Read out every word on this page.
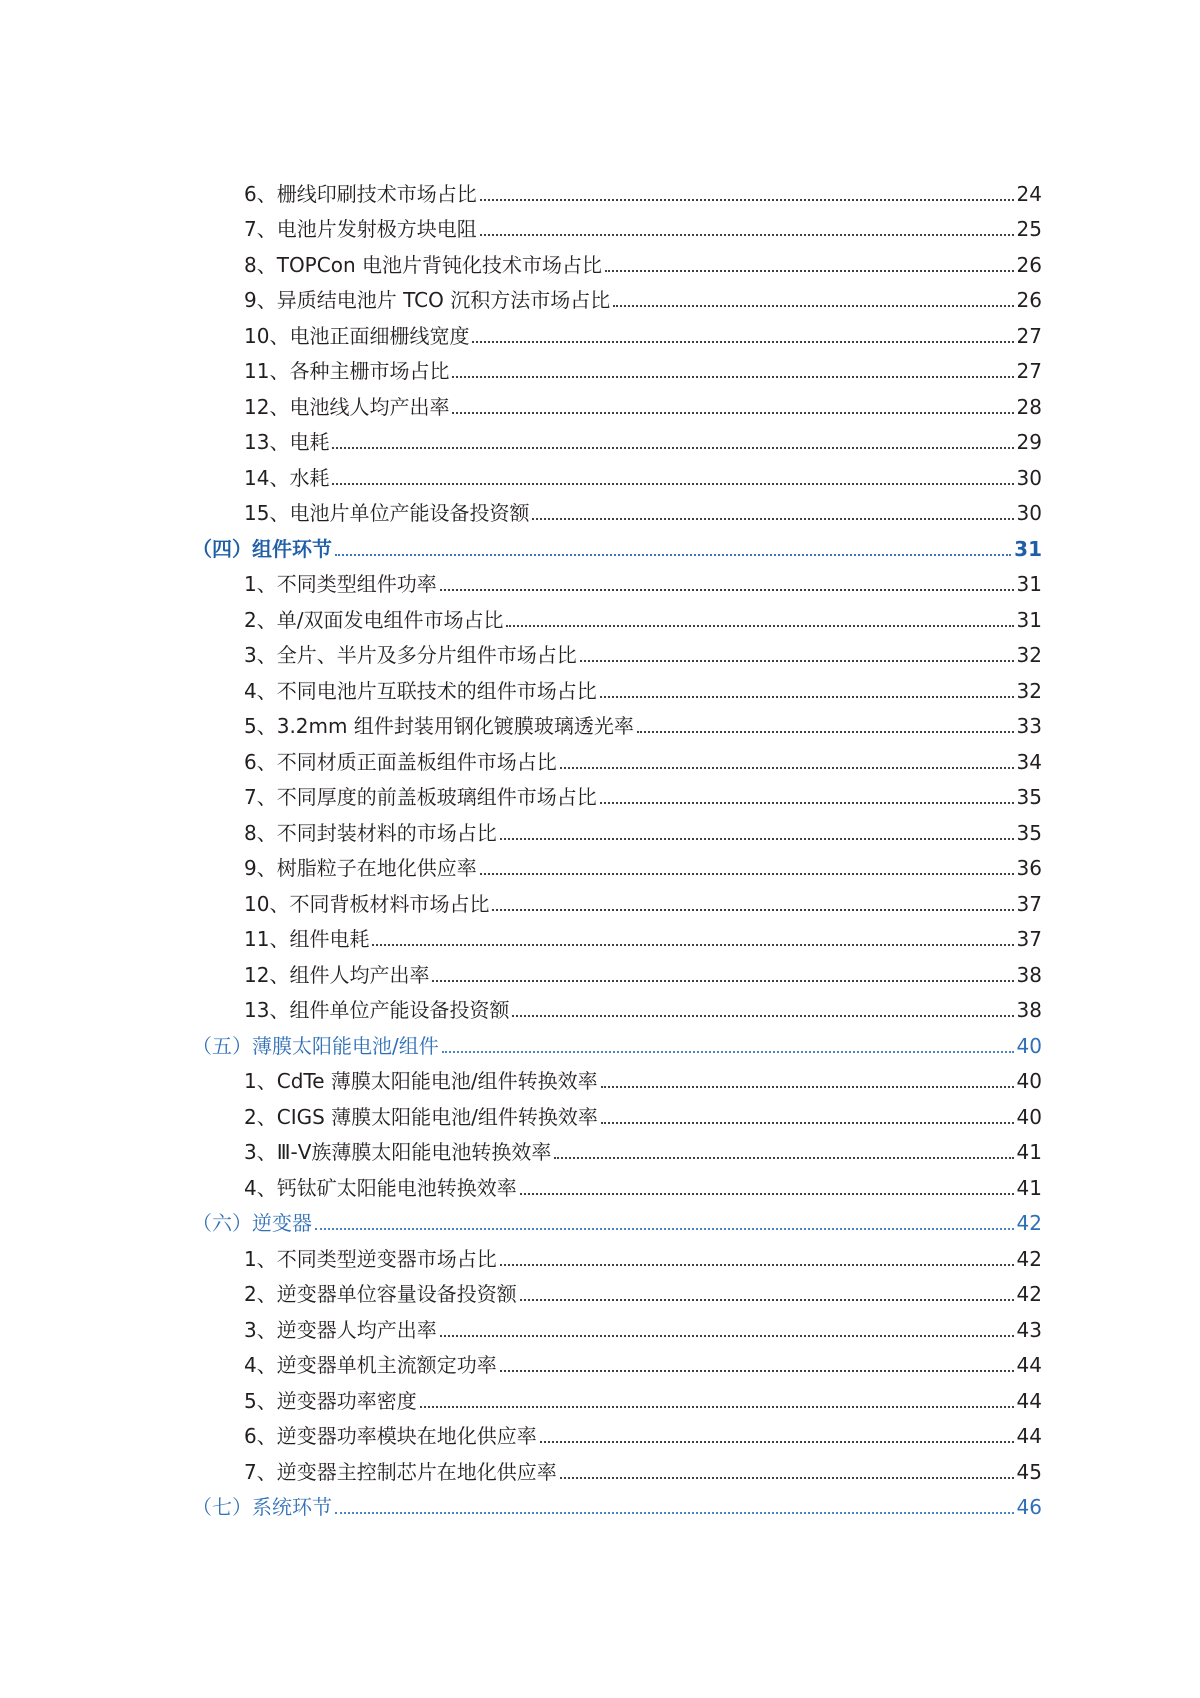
6、栅线印刷技术市场占比	24
7、电池片发射极方块电阻	25
8、TOPCon 电池片背钝化技术市场占比	26
9、异质结电池片 TCO 沉积方法市场占比	26
10、电池正面细栅线宽度	27
11、各种主栅市场占比	27
12、电池线人均产出率	28
13、电耗	29
14、水耗	30
15、电池片单位产能设备投资额	30
（四）组件环节	31
1、不同类型组件功率	31
2、单/双面发电组件市场占比	31
3、全片、半片及多分片组件市场占比	32
4、不同电池片互联技术的组件市场占比	32
5、3.2mm 组件封装用钢化镀膜玻璃透光率	33
6、不同材质正面盖板组件市场占比	34
7、不同厚度的前盖板玻璃组件市场占比	35
8、不同封装材料的市场占比	35
9、树脂粒子在地化供应率	36
10、不同背板材料市场占比	37
11、组件电耗	37
12、组件人均产出率	38
13、组件单位产能设备投资额	38
（五）薄膜太阳能电池/组件	40
1、CdTe 薄膜太阳能电池/组件转换效率	40
2、CIGS 薄膜太阳能电池/组件转换效率	40
3、Ⅲ-Ⅴ族薄膜太阳能电池转换效率	41
4、钙钛矿太阳能电池转换效率	41
（六）逆变器	42
1、不同类型逆变器市场占比	42
2、逆变器单位容量设备投资额	42
3、逆变器人均产出率	43
4、逆变器单机主流额定功率	44
5、逆变器功率密度	44
6、逆变器功率模块在地化供应率	44
7、逆变器主控制芯片在地化供应率	45
（七）系统环节	46
